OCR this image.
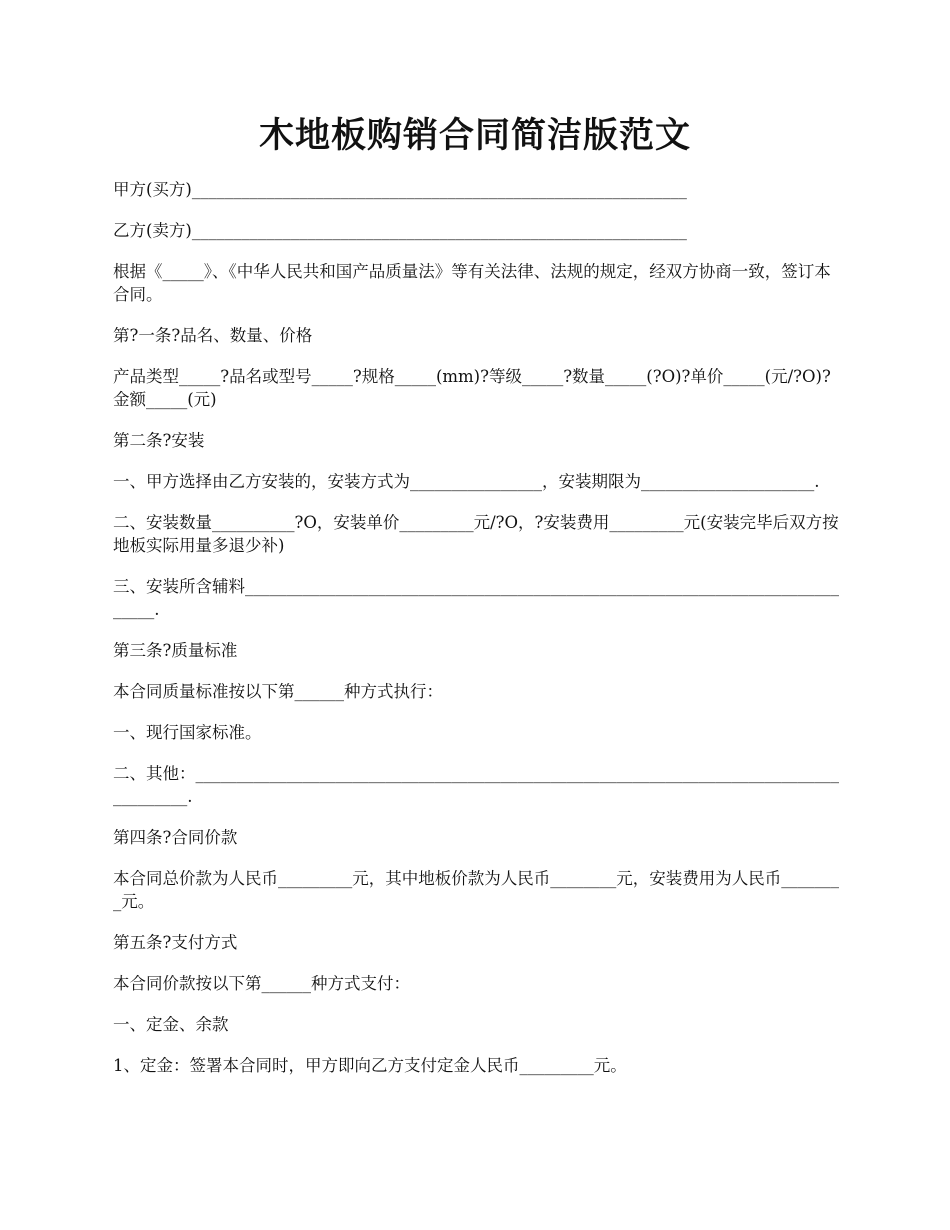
木地板购销合同简洁版范文

甲方(买方)____________________________________________________________

乙方(卖方)____________________________________________________________

根据《_____》、《中华人民共和国产品质量法》等有关法律、法规的规定，经双方协商一致，签订本合同。

第?一条?品名、数量、价格

产品类型_____?品名或型号_____?规格_____(mm)?等级_____?数量_____(?O)?单价_____(元/?O)?金额_____(元)

第二条?安装

一、甲方选择由乙方安装的，安装方式为________________，安装期限为_____________________.

二、安装数量__________?O，安装单价_________元/?O，?安装费用_________元(安装完毕后双方按地板实际用量多退少补)

三、安装所含辅料_____________________________________________________________________________.

第三条?质量标准

本合同质量标准按以下第______种方式执行：

一、现行国家标准。

二、其他：_______________________________________________________________________________________.

第四条?合同价款

本合同总价款为人民币_________元，其中地板价款为人民币________元，安装费用为人民币________元。

第五条?支付方式

本合同价款按以下第______种方式支付：

一、定金、余款

1、定金：签署本合同时，甲方即向乙方支付定金人民币_________元。
